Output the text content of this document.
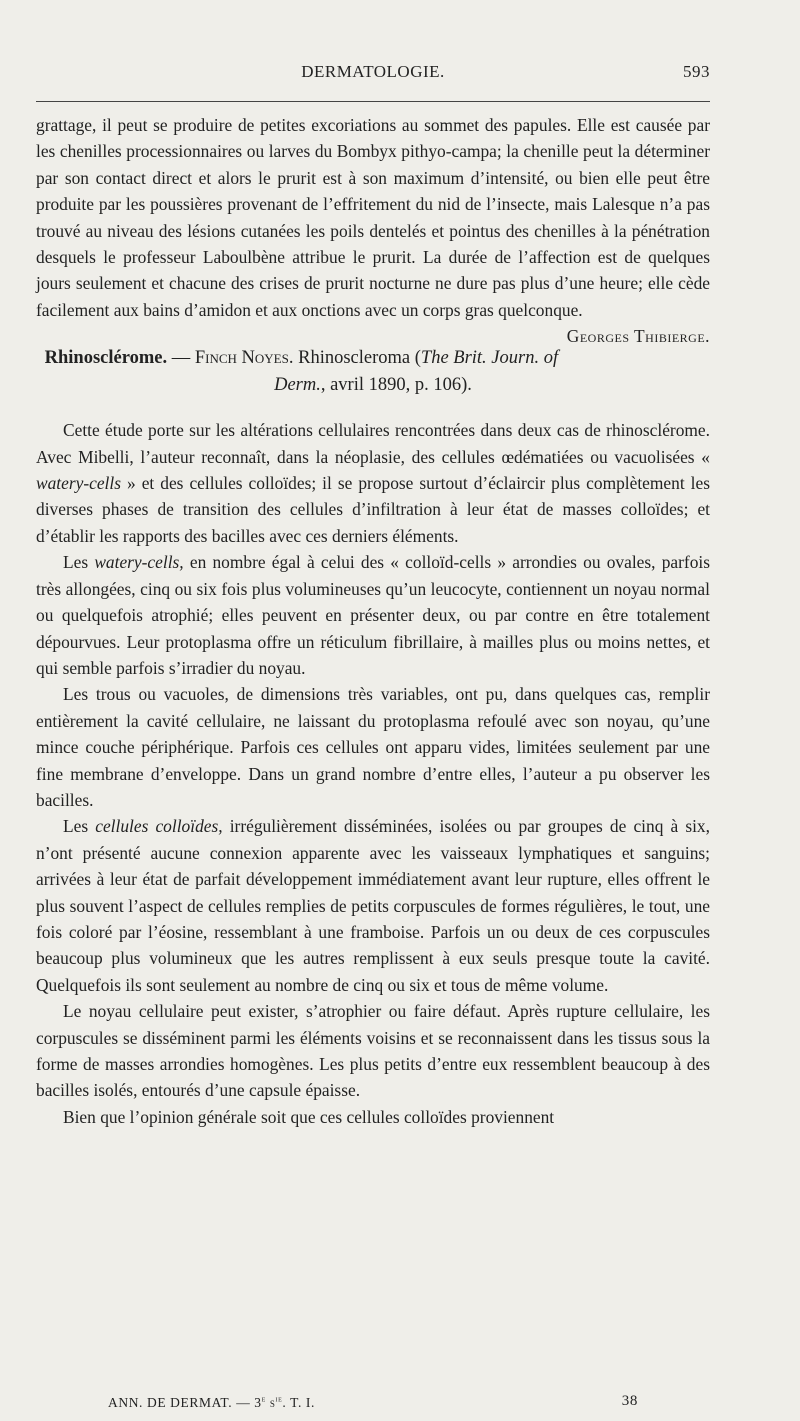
DERMATOLOGIE.	593

grattage, il peut se produire de petites excoriations au sommet des papules. Elle est causée par les chenilles processionnaires ou larves du Bombyx pithyo-campa; la chenille peut la déterminer par son contact direct et alors le prurit est à son maximum d’intensité, ou bien elle peut être produite par les poussières provenant de l’effritement du nid de l’insecte, mais Lalesque n’a pas trouvé au niveau des lésions cutanées les poils dentelés et pointus des chenilles à la pénétration desquels le professeur Laboulbène attribue le prurit. La durée de l’affection est de quelques jours seulement et chacune des crises de prurit nocturne ne dure pas plus d’une heure; elle cède facilement aux bains d’amidon et aux onctions avec un corps gras quelconque.
Georges Thibierge.

Rhinosclérome. — Finch Noyes. Rhinoscleroma (The Brit. Journ. of Derm., avril 1890, p. 106).

Cette étude porte sur les altérations cellulaires rencontrées dans deux cas de rhinosclérome. Avec Mibelli, l’auteur reconnaît, dans la néoplasie, des cellules œdématiées ou vacuolisées « watery-cells » et des cellules colloïdes; il se propose surtout d’éclaircir plus complètement les diverses phases de transition des cellules d’infiltration à leur état de masses colloïdes; et d’établir les rapports des bacilles avec ces derniers éléments.

Les watery-cells, en nombre égal à celui des « colloïd-cells » arrondies ou ovales, parfois très allongées, cinq ou six fois plus volumineuses qu’un leucocyte, contiennent un noyau normal ou quelquefois atrophié; elles peuvent en présenter deux, ou par contre en être totalement dépourvues. Leur protoplasma offre un réticulum fibrillaire, à mailles plus ou moins nettes, et qui semble parfois s’irradier du noyau.

Les trous ou vacuoles, de dimensions très variables, ont pu, dans quelques cas, remplir entièrement la cavité cellulaire, ne laissant du protoplasma refoulé avec son noyau, qu’une mince couche périphérique. Parfois ces cellules ont apparu vides, limitées seulement par une fine membrane d’enveloppe. Dans un grand nombre d’entre elles, l’auteur a pu observer les bacilles.

Les cellules colloïdes, irrégulièrement disséminées, isolées ou par groupes de cinq à six, n’ont présenté aucune connexion apparente avec les vaisseaux lymphatiques et sanguins; arrivées à leur état de parfait développement immédiatement avant leur rupture, elles offrent le plus souvent l’aspect de cellules remplies de petits corpuscules de formes régulières, le tout, une fois coloré par l’éosine, ressemblant à une framboise. Parfois un ou deux de ces corpuscules beaucoup plus volumineux que les autres remplissent à eux seuls presque toute la cavité. Quelquefois ils sont seulement au nombre de cinq ou six et tous de même volume.

Le noyau cellulaire peut exister, s’atrophier ou faire défaut. Après rupture cellulaire, les corpuscules se disséminent parmi les éléments voisins et se reconnaissent dans les tissus sous la forme de masses arrondies homogènes. Les plus petits d’entre eux ressemblent beaucoup à des bacilles isolés, entourés d’une capsule épaisse.

Bien que l’opinion générale soit que ces cellules colloïdes proviennent

ANN. DE DERMAT. — 3e $s^{ie}$. T. I.	38
